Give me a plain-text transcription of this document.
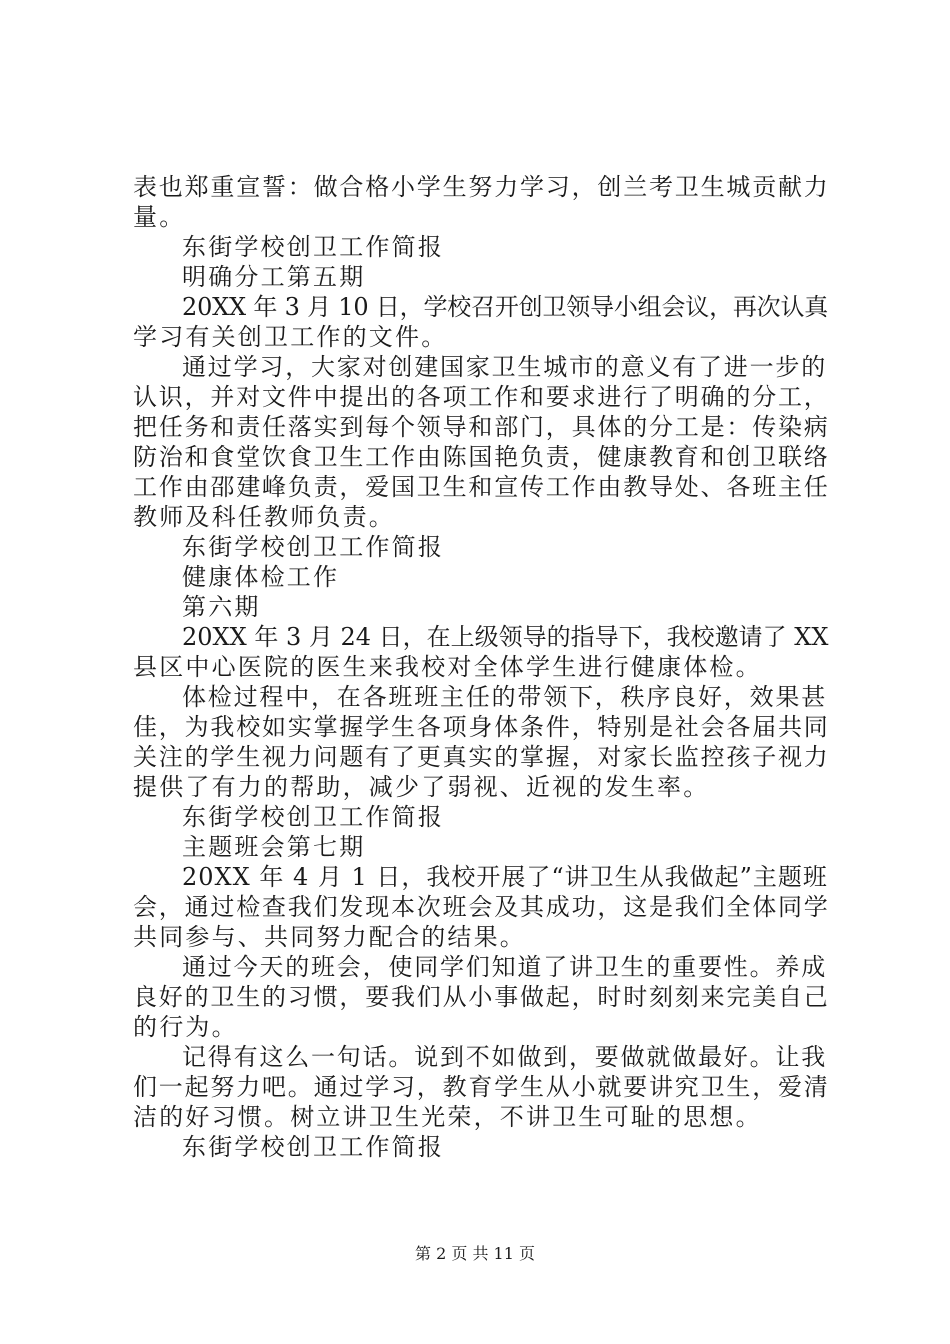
表也郑重宣誓：做合格小学生努力学习，创兰考卫生城贡献力
量。
东街学校创卫工作简报
明确分工第五期
20XX 年 3 月 10 日，学校召开创卫领导小组会议，再次认真
学习有关创卫工作的文件。
通过学习，大家对创建国家卫生城市的意义有了进一步的
认识，并对文件中提出的各项工作和要求进行了明确的分工，
把任务和责任落实到每个领导和部门，具体的分工是：传染病
防治和食堂饮食卫生工作由陈国艳负责，健康教育和创卫联络
工作由邵建峰负责，爱国卫生和宣传工作由教导处、各班主任
教师及科任教师负责。
东街学校创卫工作简报
健康体检工作
第六期
20XX 年 3 月 24 日，在上级领导的指导下，我校邀请了 XX
县区中心医院的医生来我校对全体学生进行健康体检。
体检过程中，在各班班主任的带领下，秩序良好，效果甚
佳，为我校如实掌握学生各项身体条件，特别是社会各届共同
关注的学生视力问题有了更真实的掌握，对家长监控孩子视力
提供了有力的帮助，减少了弱视、近视的发生率。
东街学校创卫工作简报
主题班会第七期
20XX 年 4 月 1 日，我校开展了“讲卫生从我做起”主题班
会，通过检查我们发现本次班会及其成功，这是我们全体同学
共同参与、共同努力配合的结果。
通过今天的班会，使同学们知道了讲卫生的重要性。养成
良好的卫生的习惯，要我们从小事做起，时时刻刻来完美自己
的行为。
记得有这么一句话。说到不如做到，要做就做最好。让我
们一起努力吧。通过学习，教育学生从小就要讲究卫生，爱清
洁的好习惯。树立讲卫生光荣，不讲卫生可耻的思想。
东街学校创卫工作简报
第 2 页 共 11 页
